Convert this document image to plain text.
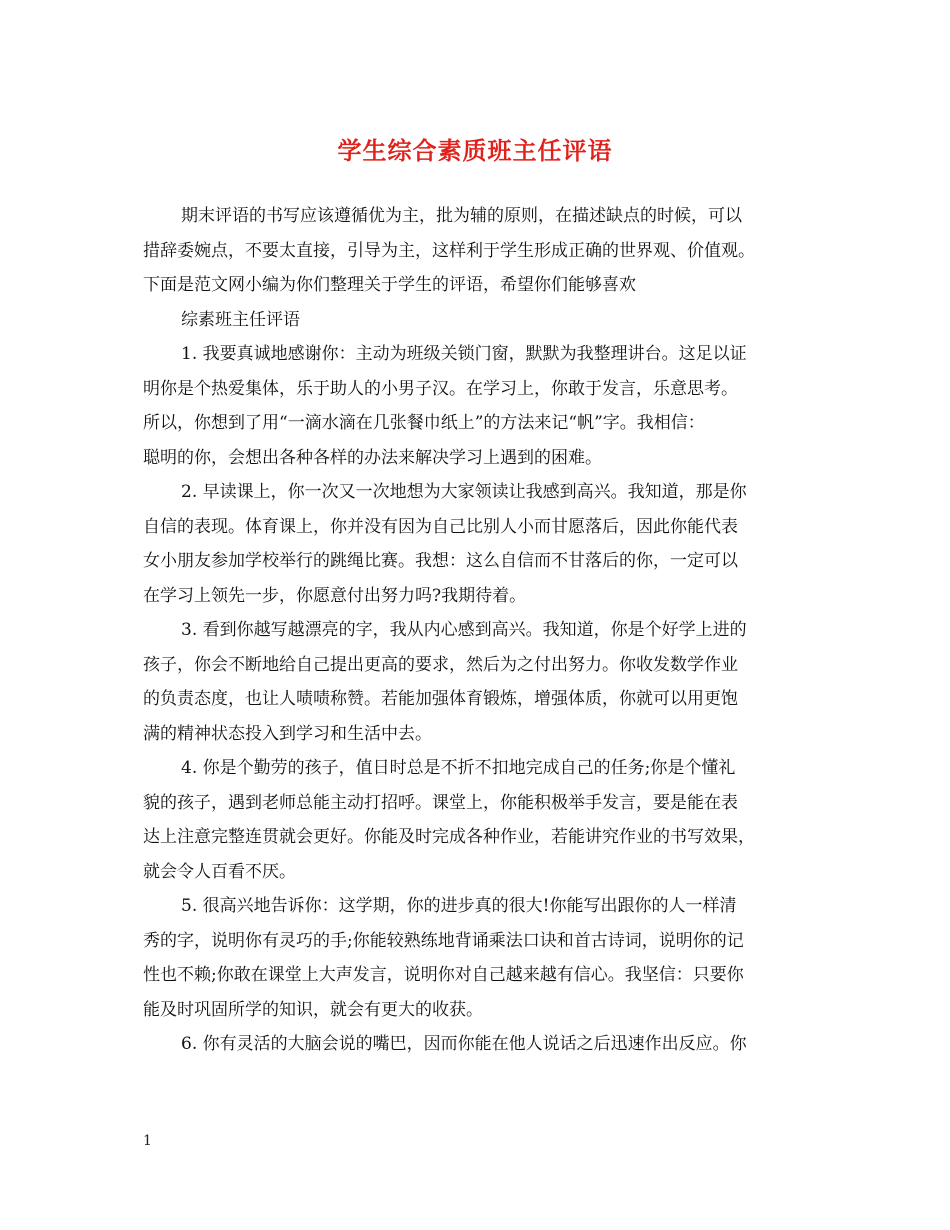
学生综合素质班主任评语
期末评语的书写应该遵循优为主，批为辅的原则，在描述缺点的时候，可以
措辞委婉点，不要太直接，引导为主，这样利于学生形成正确的世界观、价值观。
下面是范文网小编为你们整理关于学生的评语，希望你们能够喜欢
综素班主任评语
1. 我要真诚地感谢你：主动为班级关锁门窗，默默为我整理讲台。这足以证
明你是个热爱集体，乐于助人的小男子汉。在学习上，你敢于发言，乐意思考。
所以，你想到了用“一滴水滴在几张餐巾纸上”的方法来记“帆”字。我相信：
聪明的你，会想出各种各样的办法来解决学习上遇到的困难。
2. 早读课上，你一次又一次地想为大家领读让我感到高兴。我知道，那是你
自信的表现。体育课上，你并没有因为自己比别人小而甘愿落后，因此你能代表
女小朋友参加学校举行的跳绳比赛。我想：这么自信而不甘落后的你，一定可以
在学习上领先一步，你愿意付出努力吗?我期待着。
3. 看到你越写越漂亮的字，我从内心感到高兴。我知道，你是个好学上进的
孩子，你会不断地给自己提出更高的要求，然后为之付出努力。你收发数学作业
的负责态度，也让人啧啧称赞。若能加强体育锻炼，增强体质，你就可以用更饱
满的精神状态投入到学习和生活中去。
4. 你是个勤劳的孩子，值日时总是不折不扣地完成自己的任务;你是个懂礼
貌的孩子，遇到老师总能主动打招呼。课堂上，你能积极举手发言，要是能在表
达上注意完整连贯就会更好。你能及时完成各种作业，若能讲究作业的书写效果，
就会令人百看不厌。
5. 很高兴地告诉你：这学期，你的进步真的很大!你能写出跟你的人一样清
秀的字，说明你有灵巧的手;你能较熟练地背诵乘法口诀和首古诗词，说明你的记
性也不赖;你敢在课堂上大声发言，说明你对自己越来越有信心。我坚信：只要你
能及时巩固所学的知识，就会有更大的收获。
6. 你有灵活的大脑会说的嘴巴，因而你能在他人说话之后迅速作出反应。你
1
